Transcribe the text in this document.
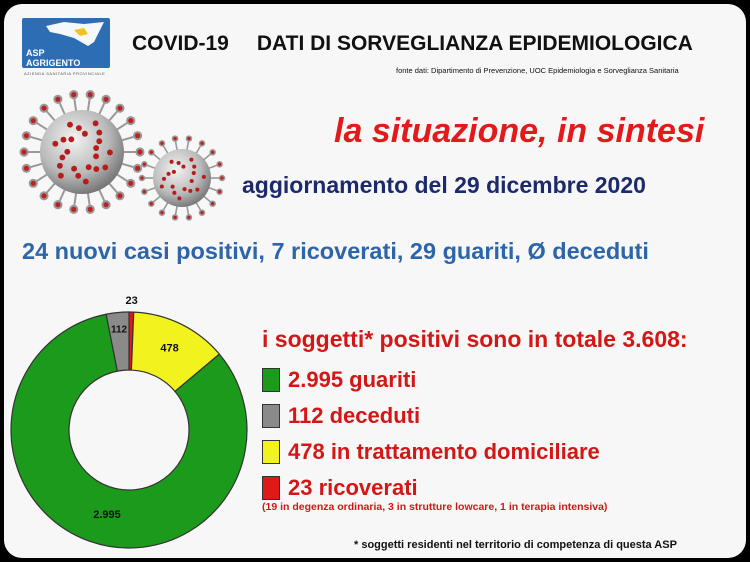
ASP
AGRIGENTO
AZIENDA SANITARIA PROVINCIALE
COVID-19 DATI DI SORVEGLIANZA EPIDEMIOLOGICA
fonte dati: Dipartimento di Prevenzione, UOC Epidemiologia e Sorveglianza Sanitaria
la situazione, in sintesi
aggiornamento del 29 dicembre 2020
24 nuovi casi positivi, 7 ricoverati, 29 guariti, Ø deceduti
2.995
112
478
23
i soggetti* positivi sono in totale 3.608:
2.995 guariti
112 deceduti
478 in trattamento domiciliare
23 ricoverati
(19 in degenza ordinaria, 3 in strutture lowcare, 1 in terapia intensiva)
* soggetti residenti nel territorio di competenza di questa ASP
